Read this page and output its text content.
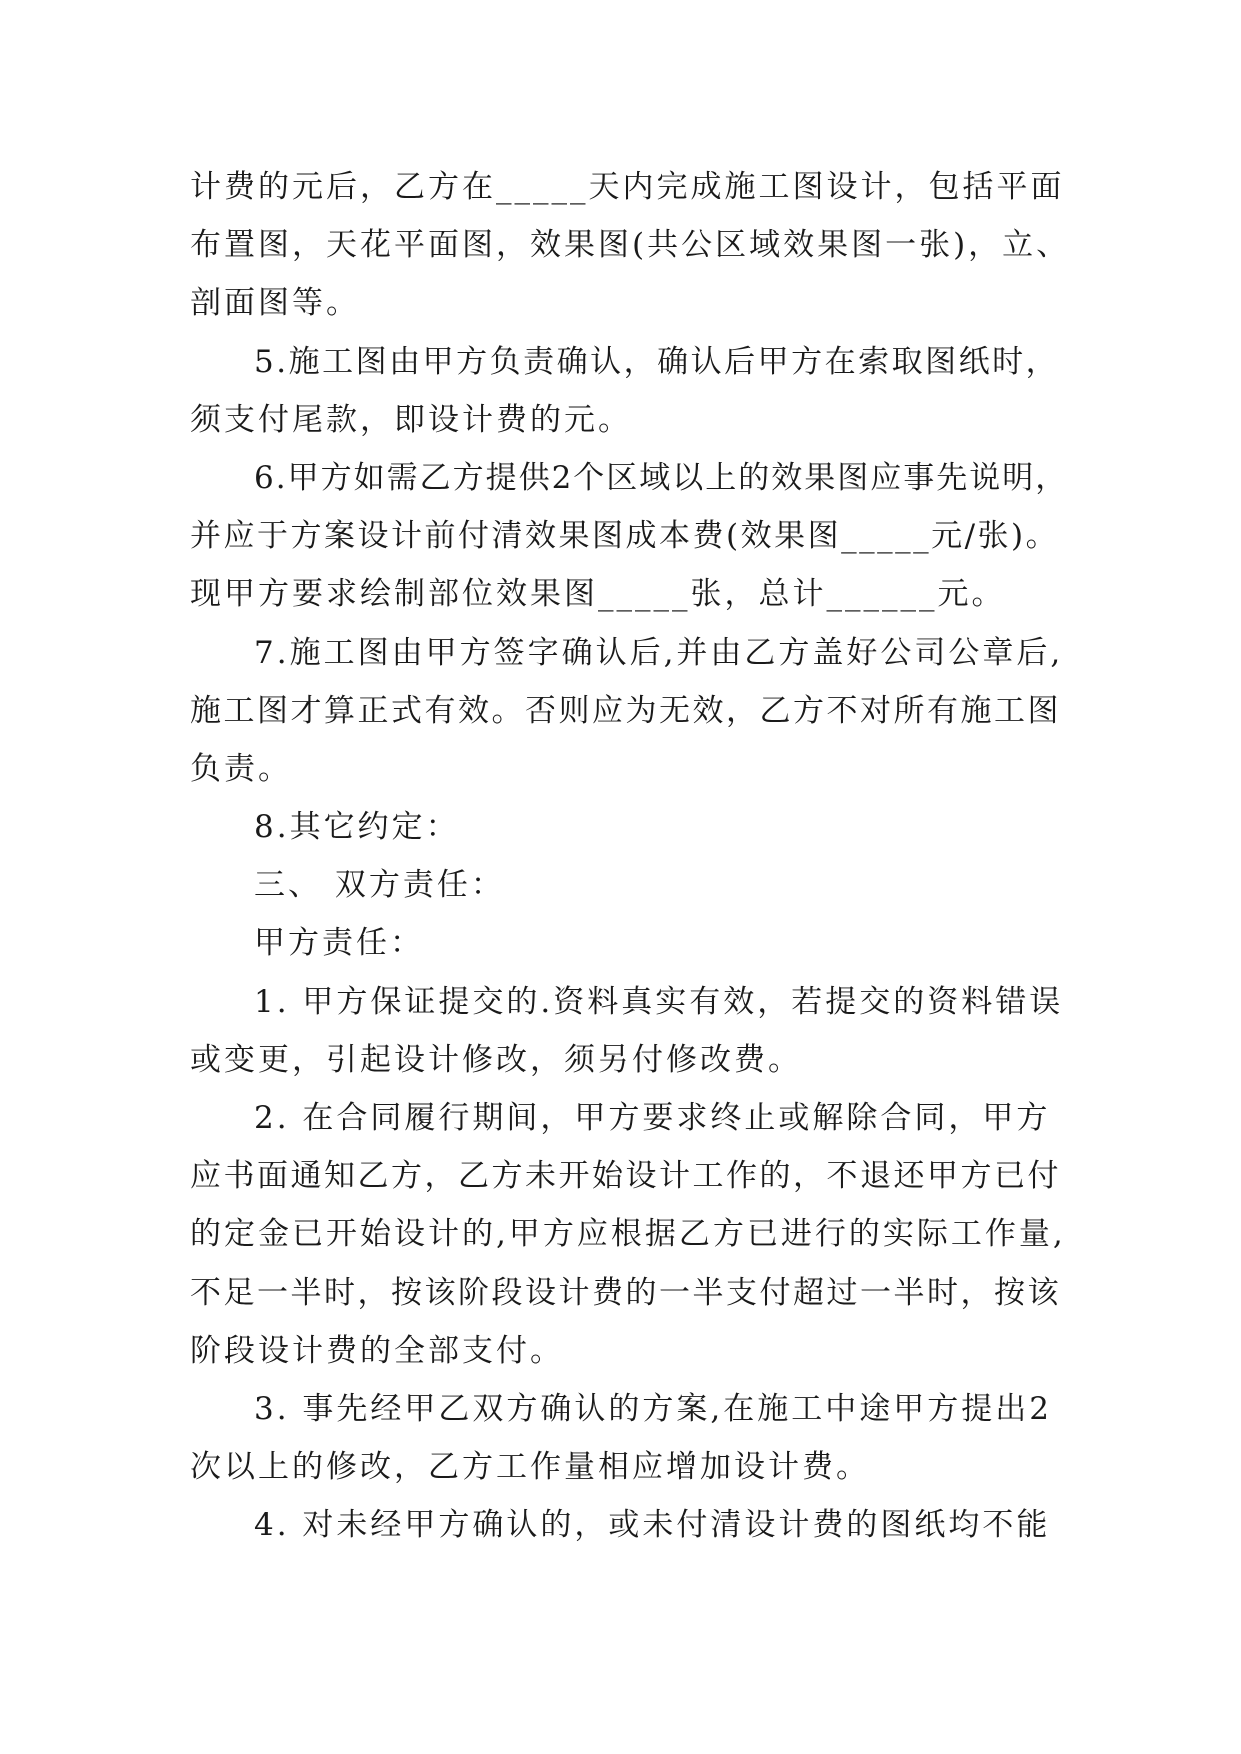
计费的元后，乙方在_____天内完成施工图设计，包括平面
布置图，天花平面图，效果图(共公区域效果图一张)，立、
剖面图等。
5.施工图由甲方负责确认，确认后甲方在索取图纸时，
须支付尾款，即设计费的元。
6.甲方如需乙方提供2个区域以上的效果图应事先说明，
并应于方案设计前付清效果图成本费(效果图_____元/张)。
现甲方要求绘制部位效果图_____张，总计______元。
7.施工图由甲方签字确认后,并由乙方盖好公司公章后,
施工图才算正式有效。否则应为无效，乙方不对所有施工图
负责。
8.其它约定：
三、 双方责任：
甲方责任：
1. 甲方保证提交的.资料真实有效，若提交的资料错误
或变更，引起设计修改，须另付修改费。
2. 在合同履行期间，甲方要求终止或解除合同，甲方
应书面通知乙方，乙方未开始设计工作的，不退还甲方已付
的定金已开始设计的,甲方应根据乙方已进行的实际工作量,
不足一半时，按该阶段设计费的一半支付超过一半时，按该
阶段设计费的全部支付。
3. 事先经甲乙双方确认的方案,在施工中途甲方提出2
次以上的修改，乙方工作量相应增加设计费。
4. 对未经甲方确认的，或未付清设计费的图纸均不能
